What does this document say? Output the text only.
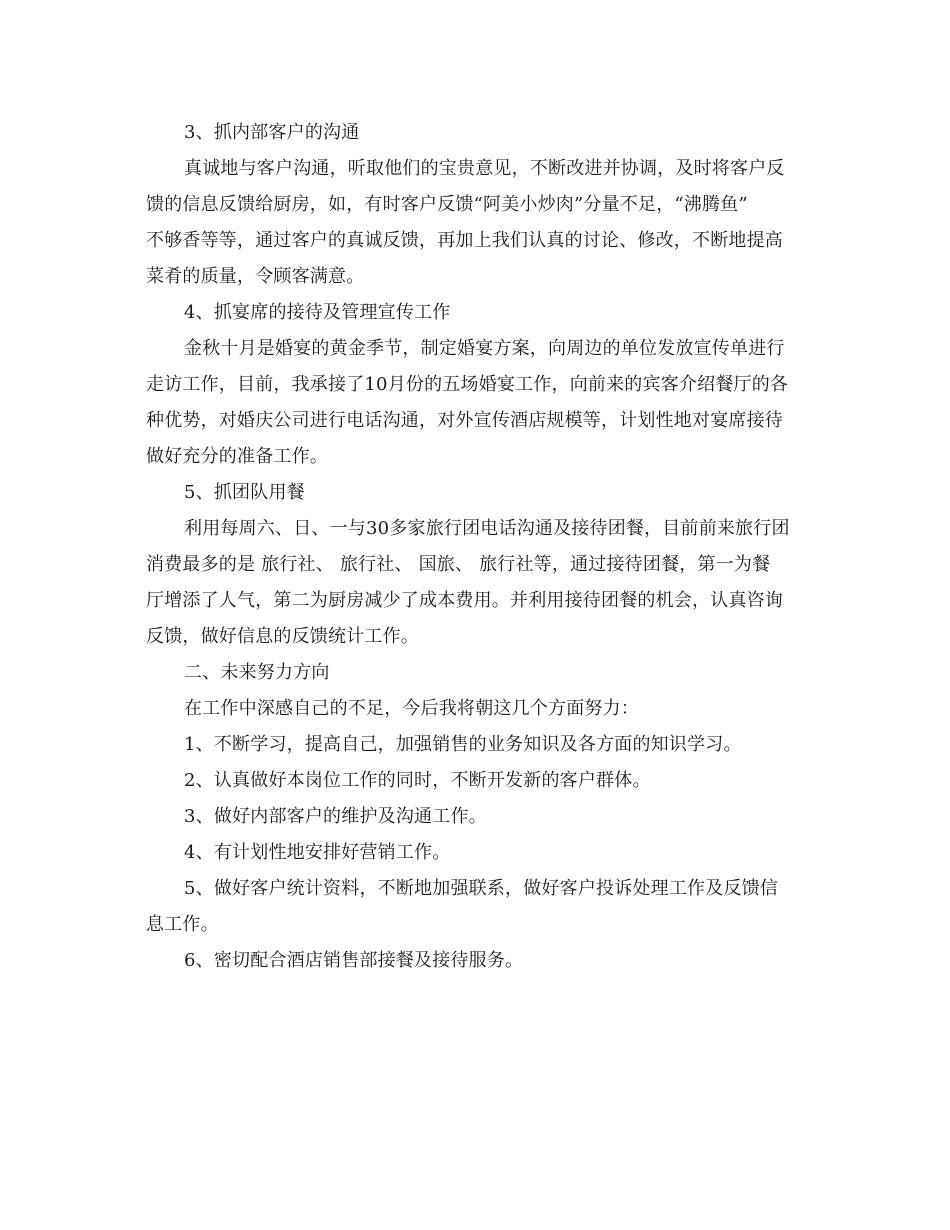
3、抓内部客户的沟通
真诚地与客户沟通，听取他们的宝贵意见，不断改进并协调，及时将客户反
馈的信息反馈给厨房，如，有时客户反馈“阿美小炒肉”分量不足，“沸腾鱼”
不够香等等，通过客户的真诚反馈，再加上我们认真的讨论、修改，不断地提高
菜肴的质量，令顾客满意。
4、抓宴席的接待及管理宣传工作
金秋十月是婚宴的黄金季节，制定婚宴方案，向周边的单位发放宣传单进行
走访工作，目前，我承接了10月份的五场婚宴工作，向前来的宾客介绍餐厅的各
种优势，对婚庆公司进行电话沟通，对外宣传酒店规模等，计划性地对宴席接待
做好充分的准备工作。
5、抓团队用餐
利用每周六、日、一与30多家旅行团电话沟通及接待团餐，目前前来旅行团
消费最多的是 旅行社、 旅行社、 国旅、 旅行社等，通过接待团餐，第一为餐
厅增添了人气，第二为厨房减少了成本费用。并利用接待团餐的机会，认真咨询
反馈，做好信息的反馈统计工作。
二、未来努力方向
在工作中深感自己的不足，今后我将朝这几个方面努力：
1、不断学习，提高自己，加强销售的业务知识及各方面的知识学习。
2、认真做好本岗位工作的同时，不断开发新的客户群体。
3、做好内部客户的维护及沟通工作。
4、有计划性地安排好营销工作。
5、做好客户统计资料，不断地加强联系，做好客户投诉处理工作及反馈信
息工作。
6、密切配合酒店销售部接餐及接待服务。
